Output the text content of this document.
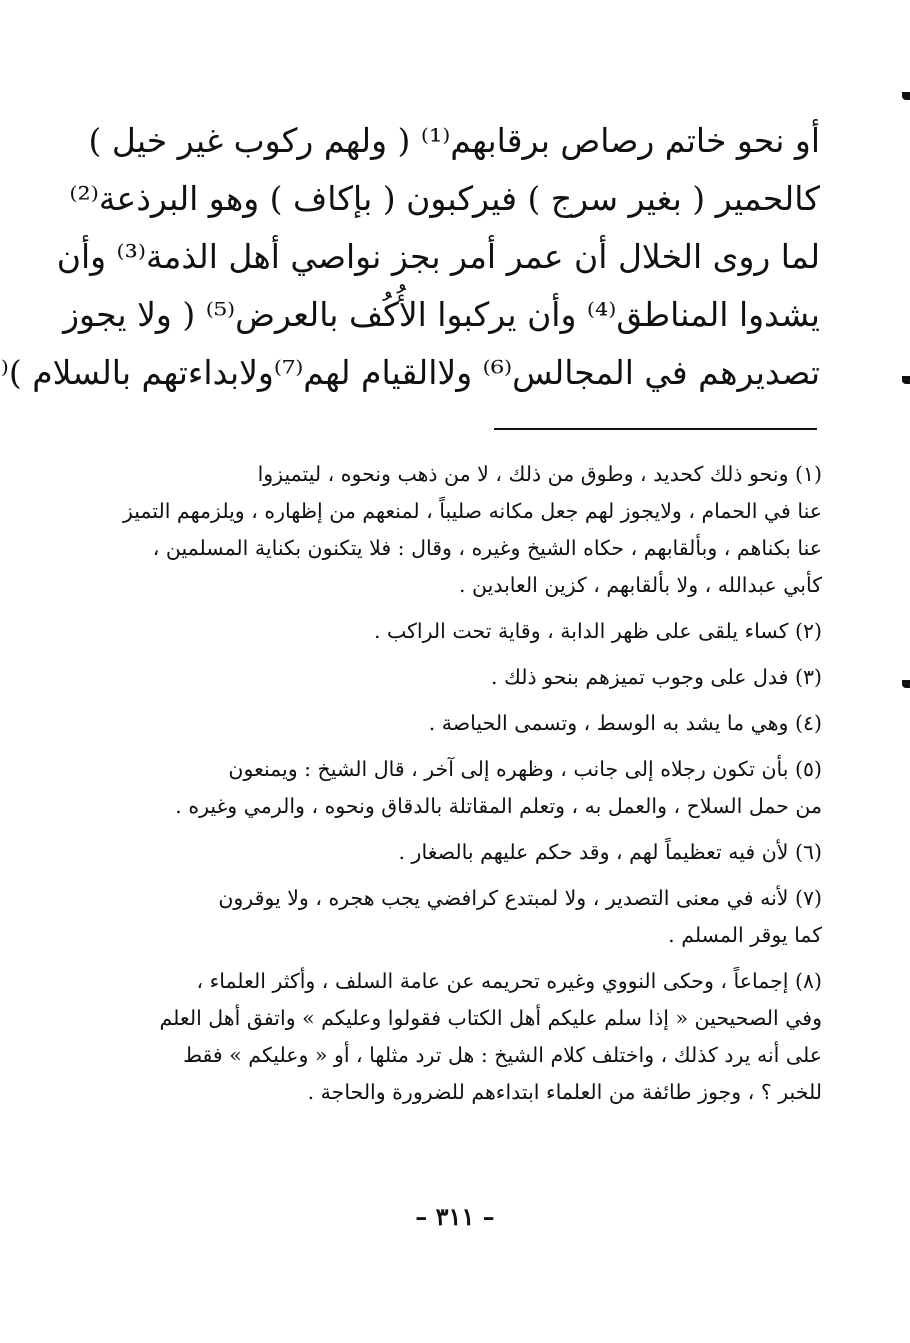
أو نحو خاتم رصاص برقابهم⁽¹⁾ ( ولهم ركوب غير خيل )
كالحمير ( بغير سرج ) فيركبون ( بإكاف ) وهو البرذعة⁽²⁾
لما روى الخلال أن عمر أمر بجز نواصي أهل الذمة⁽³⁾ وأن
يشدوا المناطق⁽⁴⁾ وأن يركبوا الأُكُف بالعرض⁽⁵⁾ ( ولا يجوز
تصديرهم في المجالس⁽⁶⁾ ولاالقيام لهم⁽⁷⁾ولابداءتهم بالسلام )⁽
(١) ونحو ذلك كحديد ، وطوق من ذلك ، لا من ذهب ونحوه ، ليتميزوا
عنا في الحمام ، ولايجوز لهم جعل مكانه صليباً ، لمنعهم من إظهاره ، ويلزمهم التميز
عنا بكناهم ، وبألقابهم ، حكاه الشيخ وغيره ، وقال : فلا يتكنون بكناية المسلمين ،
كأبي عبدالله ، ولا بألقابهم ، كزين العابدين .
(٢) كساء يلقى على ظهر الدابة ، وقاية تحت الراكب .
(٣) فدل على وجوب تميزهم بنحو ذلك .
(٤) وهي ما يشد به الوسط ، وتسمى الحياصة .
(٥) بأن تكون رجلاه إلى جانب ، وظهره إلى آخر ، قال الشيخ : ويمنعون
من حمل السلاح ، والعمل به ، وتعلم المقاتلة بالدقاق ونحوه ، والرمي وغيره .
(٦) لأن فيه تعظيماً لهم ، وقد حكم عليهم بالصغار .
(٧) لأنه في معنى التصدير ، ولا لمبتدع كرافضي يجب هجره ، ولا يوقرون
كما يوقر المسلم .
(٨) إجماعاً ، وحكى النووي وغيره تحريمه عن عامة السلف ، وأكثر العلماء ،
وفي الصحيحين « إذا سلم عليكم أهل الكتاب فقولوا وعليكم » واتفق أهل العلم
على أنه يرد كذلك ، واختلف كلام الشيخ : هل ترد مثلها ، أو « وعليكم » فقط
للخبر ؟ ، وجوز طائفة من العلماء ابتداءهم للضرورة والحاجة .
– ٣١١ –
